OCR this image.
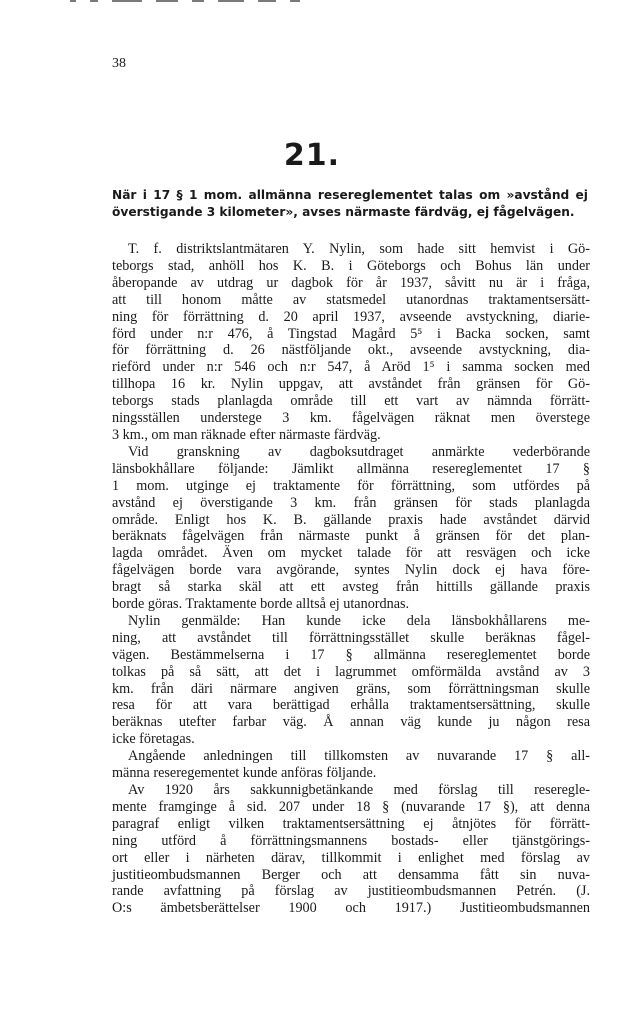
38
21.
När i 17 § 1 mom. allmänna resereglementet talas om »avstånd ej
överstigande 3 kilometer», avses närmaste färdväg, ej fågelvägen.
T. f. distriktslantmätaren Y. Nylin, som hade sitt hemvist i Gö-
teborgs stad, anhöll hos K. B. i Göteborgs och Bohus län under
åberopande av utdrag ur dagbok för år 1937, såvitt nu är i fråga,
att till honom måtte av statsmedel utanordnas traktamentsersätt-
ning för förrättning d. 20 april 1937, avseende avstyckning, diarie-
förd under n:r 476, å Tingstad Magård 5⁵ i Backa socken, samt
för förrättning d. 26 nästföljande okt., avseende avstyckning, dia-
rieförd under n:r 546 och n:r 547, å Aröd 1⁵ i samma socken med
tillhopa 16 kr. Nylin uppgav, att avståndet från gränsen för Gö-
teborgs stads planlagda område till ett vart av nämnda förrätt-
ningsställen understege 3 km. fågelvägen räknat men överstege
3 km., om man räknade efter närmaste färdväg.
Vid granskning av dagboksutdraget anmärkte vederbörande
länsbokhållare följande: Jämlikt allmänna resereglementet 17 §
1 mom. utginge ej traktamente för förrättning, som utfördes på
avstånd ej överstigande 3 km. från gränsen för stads planlagda
område. Enligt hos K. B. gällande praxis hade avståndet därvid
beräknats fågelvägen från närmaste punkt å gränsen för det plan-
lagda området. Även om mycket talade för att resvägen och icke
fågelvägen borde vara avgörande, syntes Nylin dock ej hava före-
bragt så starka skäl att ett avsteg från hittills gällande praxis
borde göras. Traktamente borde alltså ej utanordnas.
Nylin genmälde: Han kunde icke dela länsbokhållarens me-
ning, att avståndet till förrättningsstället skulle beräknas fågel-
vägen. Bestämmelserna i 17 § allmänna resereglementet borde
tolkas på så sätt, att det i lagrummet omförmälda avstånd av 3
km. från däri närmare angiven gräns, som förrättningsman skulle
resa för att vara berättigad erhålla traktamentsersättning, skulle
beräknas utefter farbar väg. Å annan väg kunde ju någon resa
icke företagas.
Angående anledningen till tillkomsten av nuvarande 17 § all-
männa reseregementet kunde anföras följande.
Av 1920 års sakkunnigbetänkande med förslag till reseregle-
mente framginge å sid. 207 under 18 § (nuvarande 17 §), att denna
paragraf enligt vilken traktamentsersättning ej åtnjötes för förrätt-
ning utförd å förrättningsmannens bostads- eller tjänstgörings-
ort eller i närheten därav, tillkommit i enlighet med förslag av
justitieombudsmannen Berger och att densamma fått sin nuva-
rande avfattning på förslag av justitieombudsmannen Petrén. (J.
O:s ämbetsberättelser 1900 och 1917.) Justitieombudsmannen
